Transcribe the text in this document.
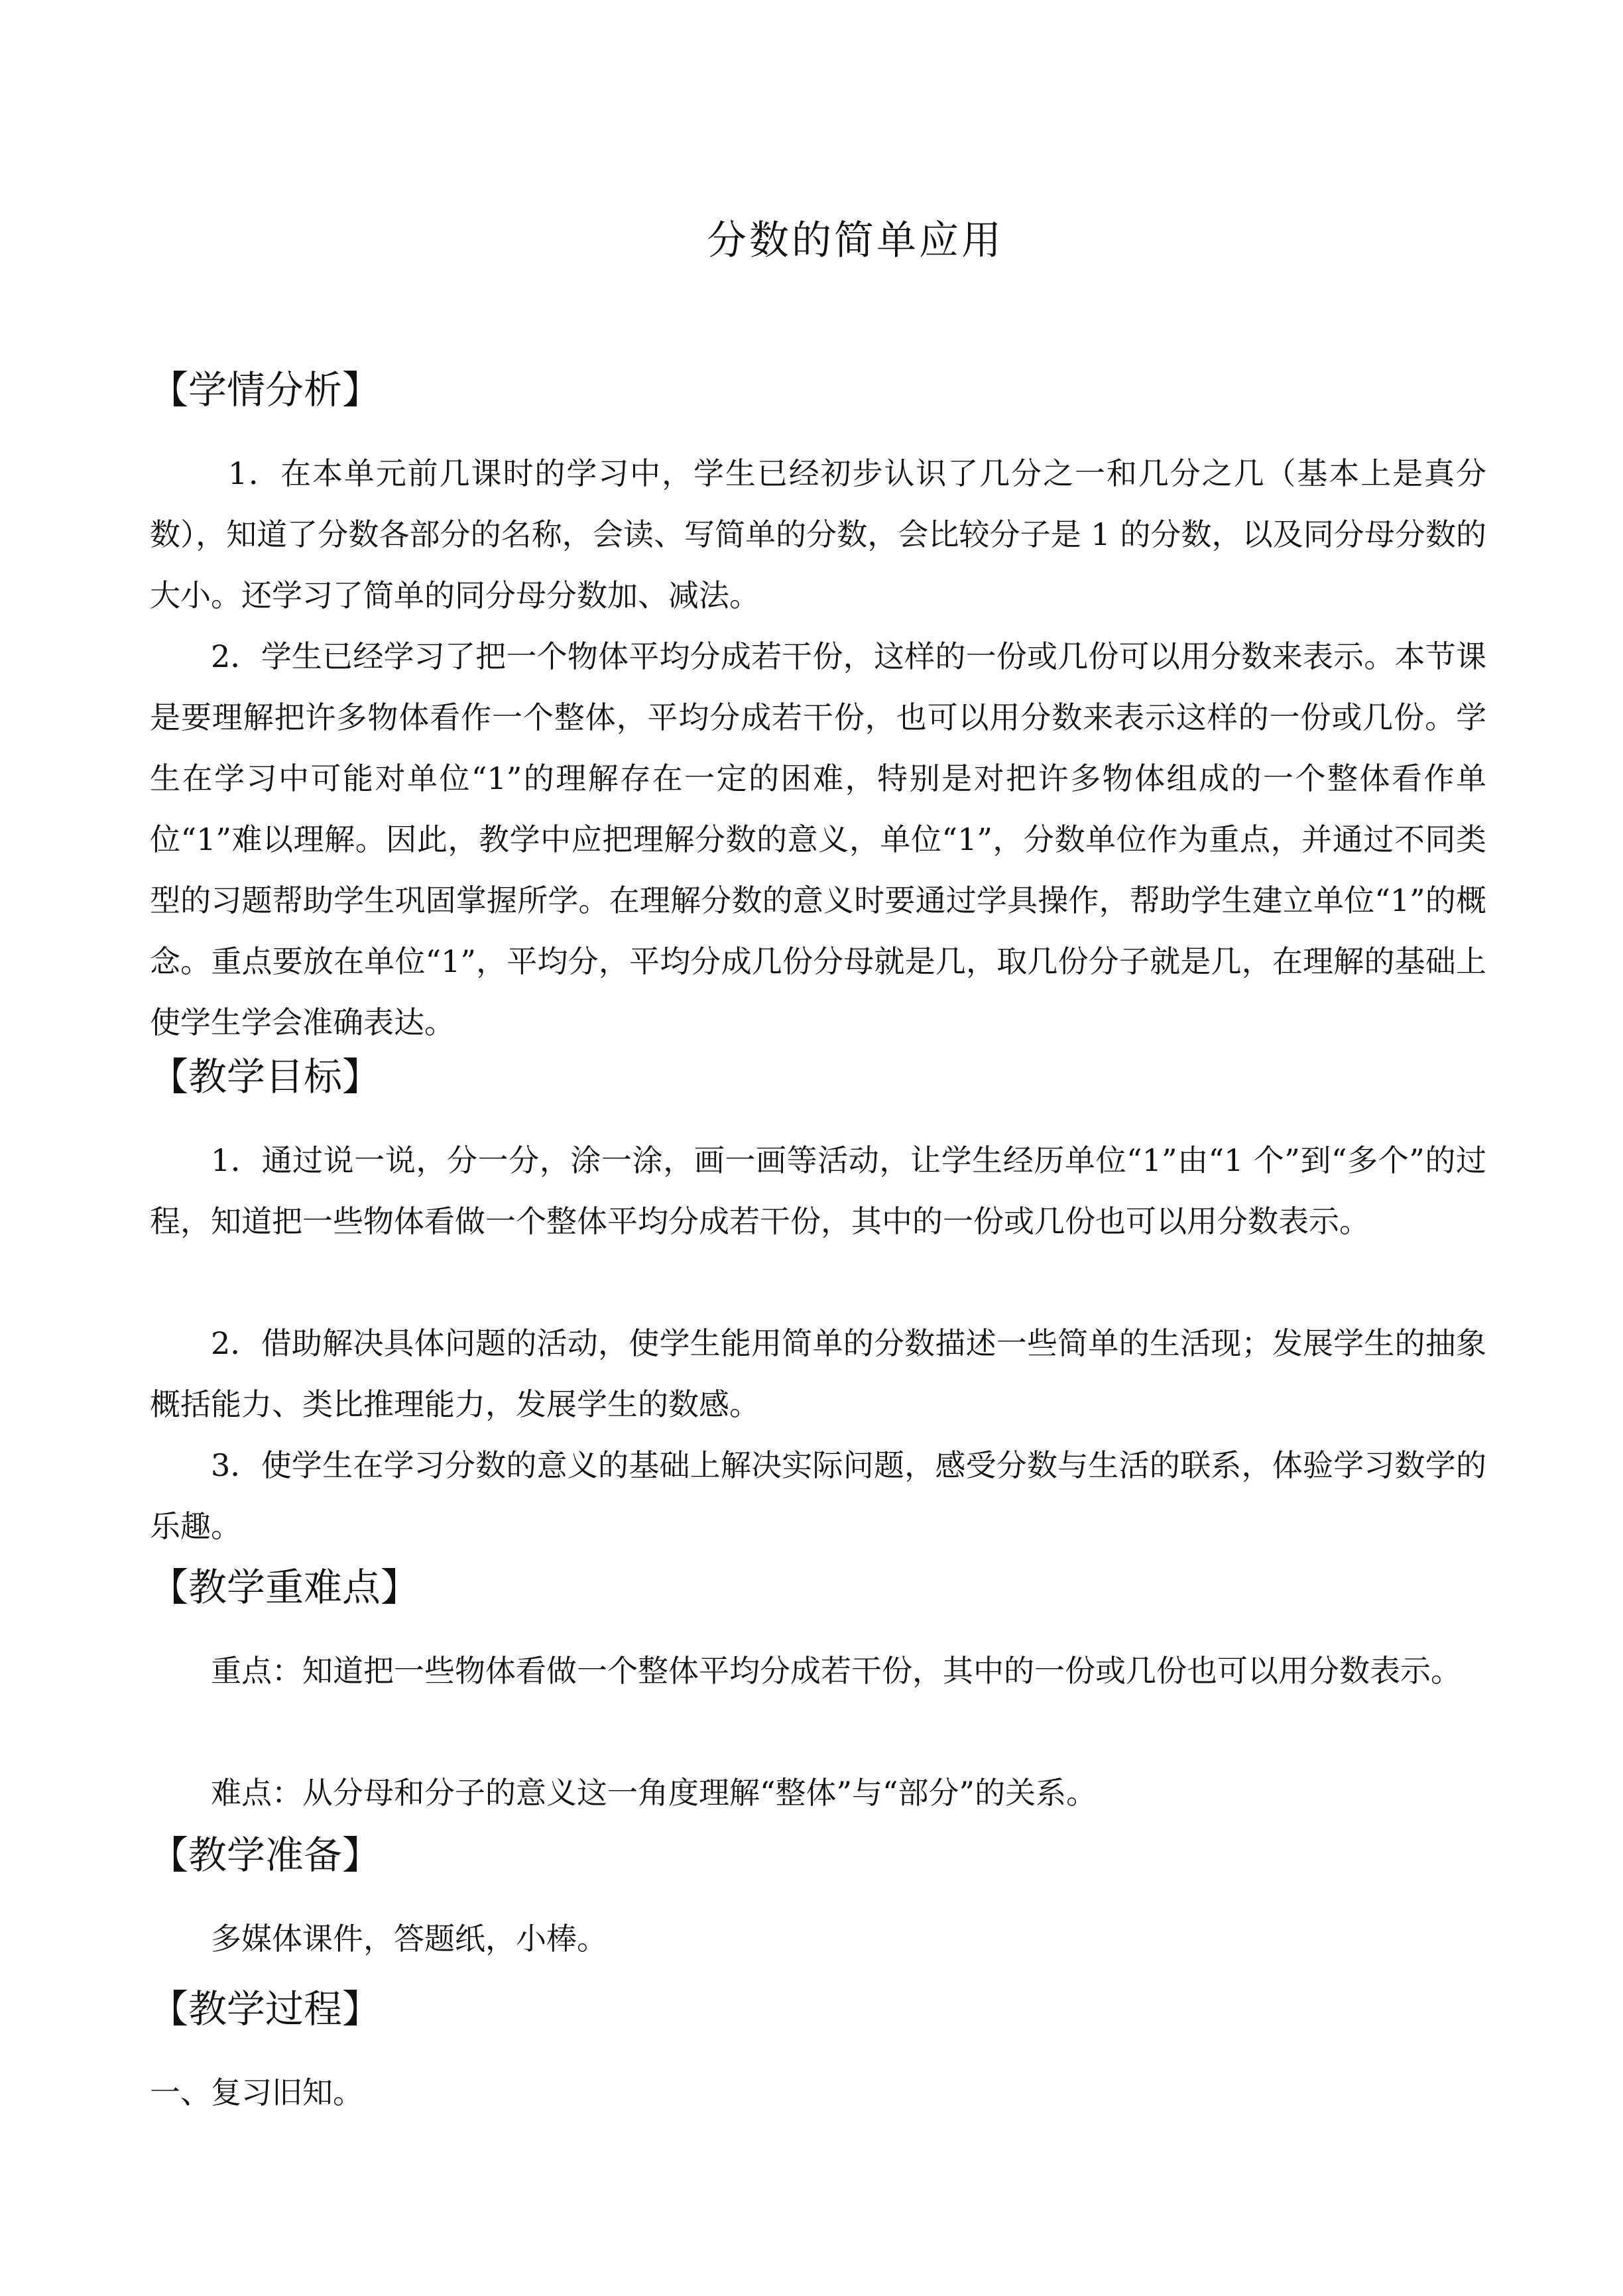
分数的简单应用
【学情分析】

1．在本单元前几课时的学习中，学生已经初步认识了几分之一和几分之几（基本上是真分数），知道了分数各部分的名称，会读、写简单的分数，会比较分子是 1 的分数，以及同分母分数的大小。还学习了简单的同分母分数加、减法。

2．学生已经学习了把一个物体平均分成若干份，这样的一份或几份可以用分数来表示。本节课是要理解把许多物体看作一个整体，平均分成若干份，也可以用分数来表示这样的一份或几份。学生在学习中可能对单位“1”的理解存在一定的困难，特别是对把许多物体组成的一个整体看作单位“1”难以理解。因此，教学中应把理解分数的意义，单位“1”，分数单位作为重点，并通过不同类型的习题帮助学生巩固掌握所学。在理解分数的意义时要通过学具操作，帮助学生建立单位“1”的概念。重点要放在单位“1”，平均分，平均分成几份分母就是几，取几份分子就是几，在理解的基础上使学生学会准确表达。

【教学目标】

1．通过说一说，分一分，涂一涂，画一画等活动，让学生经历单位“1”由“1 个”到“多个”的过程，知道把一些物体看做一个整体平均分成若干份，其中的一份或几份也可以用分数表示。

2．借助解决具体问题的活动，使学生能用简单的分数描述一些简单的生活现；发展学生的抽象概括能力、类比推理能力，发展学生的数感。

3．使学生在学习分数的意义的基础上解决实际问题，感受分数与生活的联系，体验学习数学的乐趣。

【教学重难点】

重点：知道把一些物体看做一个整体平均分成若干份，其中的一份或几份也可以用分数表示。

难点：从分母和分子的意义这一角度理解“整体”与“部分”的关系。

【教学准备】

多媒体课件，答题纸，小棒。

【教学过程】

一、复习旧知。
